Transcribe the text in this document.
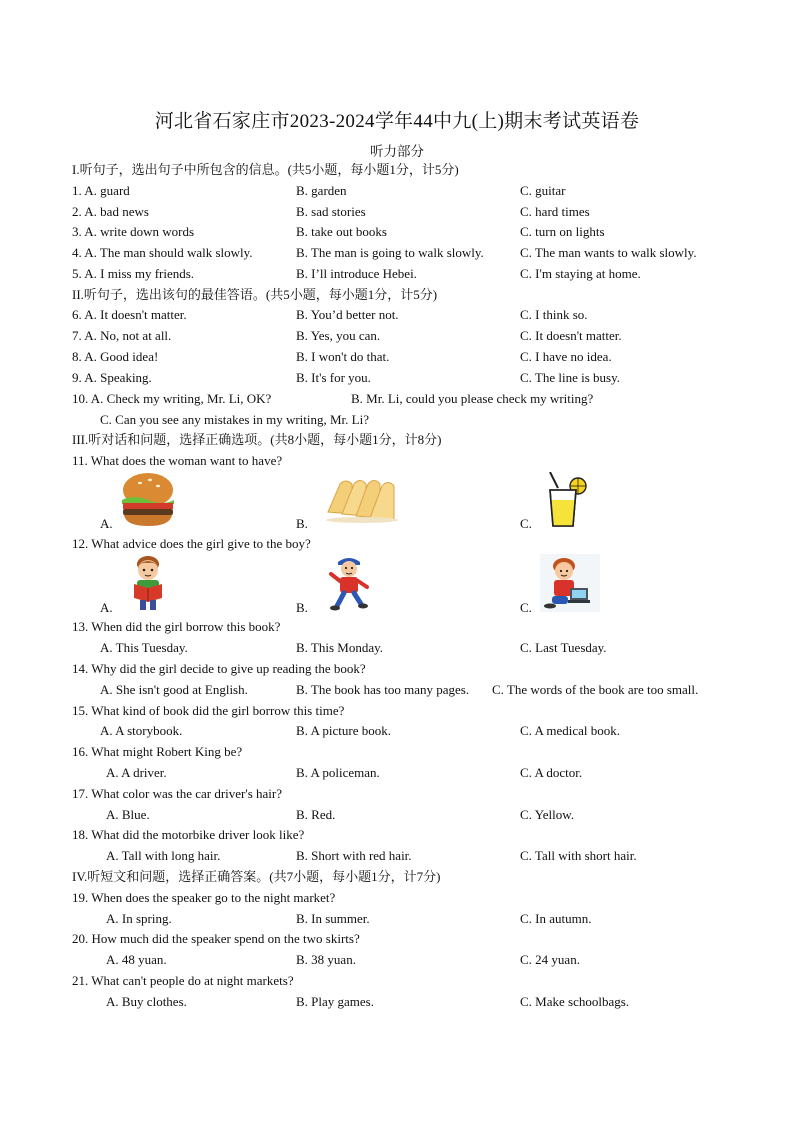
河北省石家庄市2023-2024学年44中九(上)期末考试英语卷
听力部分
I.听句子，选出句子中所包含的信息。(共5小题，每小题1分，计5分)
1. A. guard	B. garden	C. guitar
2. A. bad news	B. sad stories	C. hard times
3. A. write down words	B. take out books	C. turn on lights
4. A. The man should walk slowly.	B. The man is going to walk slowly.	C. The man wants to walk slowly.
5. A. I miss my friends.	B. I’ll introduce Hebei.	C. I'm staying at home.
II.听句子，选出该句的最佳答语。(共5小题，每小题1分，计5分)
6. A. It doesn't matter.	B. You’d better not.	C. I think so.
7. A. No, not at all.	B. Yes, you can.	C. It doesn't matter.
8. A. Good idea!	B. I won't do that.	C. I have no idea.
9. A. Speaking.	B. It's for you.	C. The line is busy.
10. A. Check my writing, Mr. Li, OK?	B. Mr. Li, could you please check my writing?
C. Can you see any mistakes in my writing, Mr. Li?
III.听对话和问题，选择正确选项。(共8小题，每小题1分，计8分)
11. What does the woman want to have?
A.	B.	C.
12. What advice does the girl give to the boy?
A.	B.	C.
13. When did the girl borrow this book?
A. This Tuesday.	B. This Monday.	C. Last Tuesday.
14. Why did the girl decide to give up reading the book?
A. She isn't good at English.	B. The book has too many pages. C. The words of the book are too small.
15. What kind of book did the girl borrow this time?
A. A storybook.	B. A picture book.	C. A medical book.
16. What might Robert King be?
A. A driver.	B. A policeman.	C. A doctor.
17. What color was the car driver's hair?
A. Blue.	B. Red.	C. Yellow.
18. What did the motorbike driver look like?
A. Tall with long hair.	B. Short with red hair.	C. Tall with short hair.
IV.听短文和问题，选择正确答案。(共7小题，每小题1分，计7分)
19. When does the speaker go to the night market?
A. In spring.	B. In summer.	C. In autumn.
20. How much did the speaker spend on the two skirts?
A. 48 yuan.	B. 38 yuan.	C. 24 yuan.
21. What can't people do at night markets?
A. Buy clothes.	B. Play games.	C. Make schoolbags.
